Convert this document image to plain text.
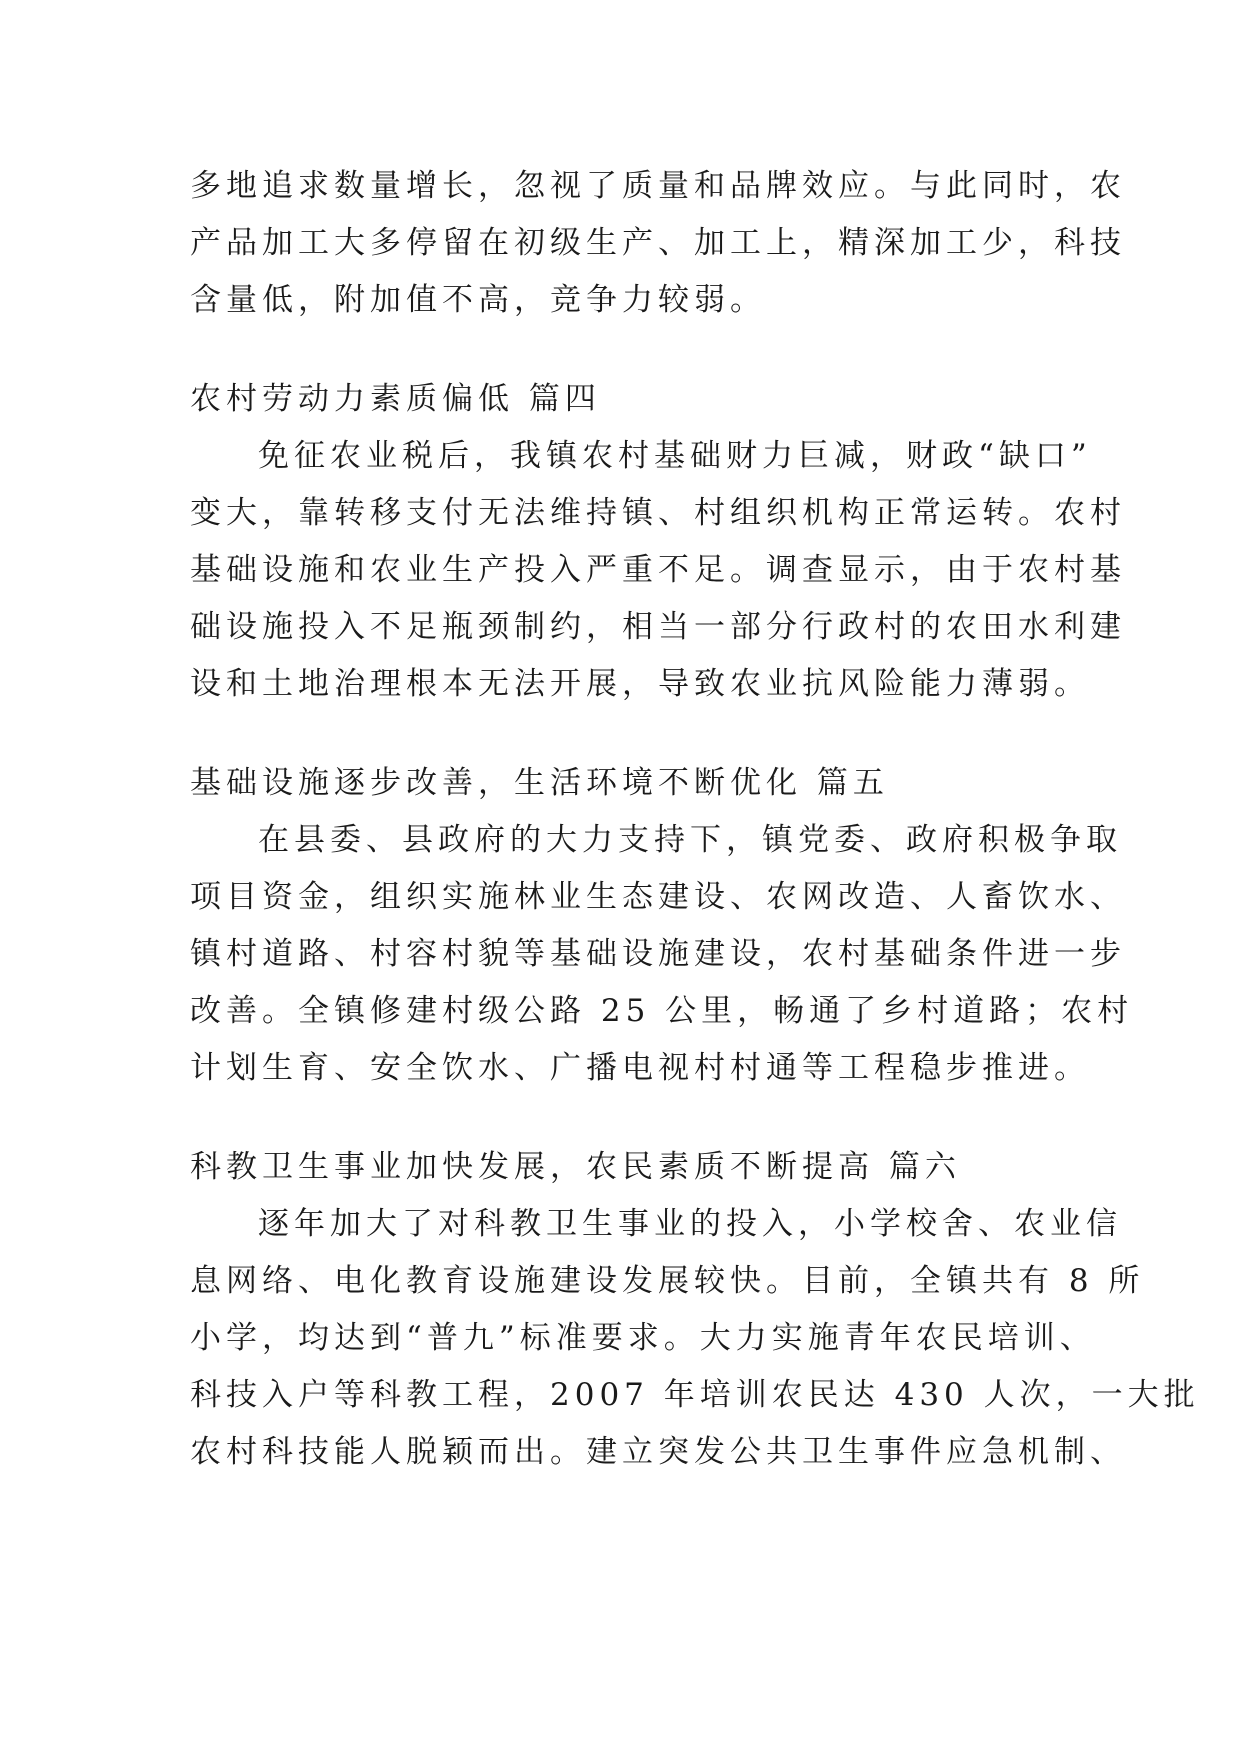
多地追求数量增长，忽视了质量和品牌效应。与此同时，农
产品加工大多停留在初级生产、加工上，精深加工少，科技
含量低，附加值不高，竞争力较弱。
农村劳动力素质偏低 篇四
免征农业税后，我镇农村基础财力巨减，财政“缺口”
变大，靠转移支付无法维持镇、村组织机构正常运转。农村
基础设施和农业生产投入严重不足。调查显示，由于农村基
础设施投入不足瓶颈制约，相当一部分行政村的农田水利建
设和土地治理根本无法开展，导致农业抗风险能力薄弱。
基础设施逐步改善，生活环境不断优化 篇五
在县委、县政府的大力支持下，镇党委、政府积极争取
项目资金，组织实施林业生态建设、农网改造、人畜饮水、
镇村道路、村容村貌等基础设施建设，农村基础条件进一步
改善。全镇修建村级公路 25 公里，畅通了乡村道路；农村
计划生育、安全饮水、广播电视村村通等工程稳步推进。
科教卫生事业加快发展，农民素质不断提高 篇六
逐年加大了对科教卫生事业的投入，小学校舍、农业信
息网络、电化教育设施建设发展较快。目前，全镇共有 8 所
小学，均达到“普九”标准要求。大力实施青年农民培训、
科技入户等科教工程，2007 年培训农民达 430 人次，一大批
农村科技能人脱颖而出。建立突发公共卫生事件应急机制、
